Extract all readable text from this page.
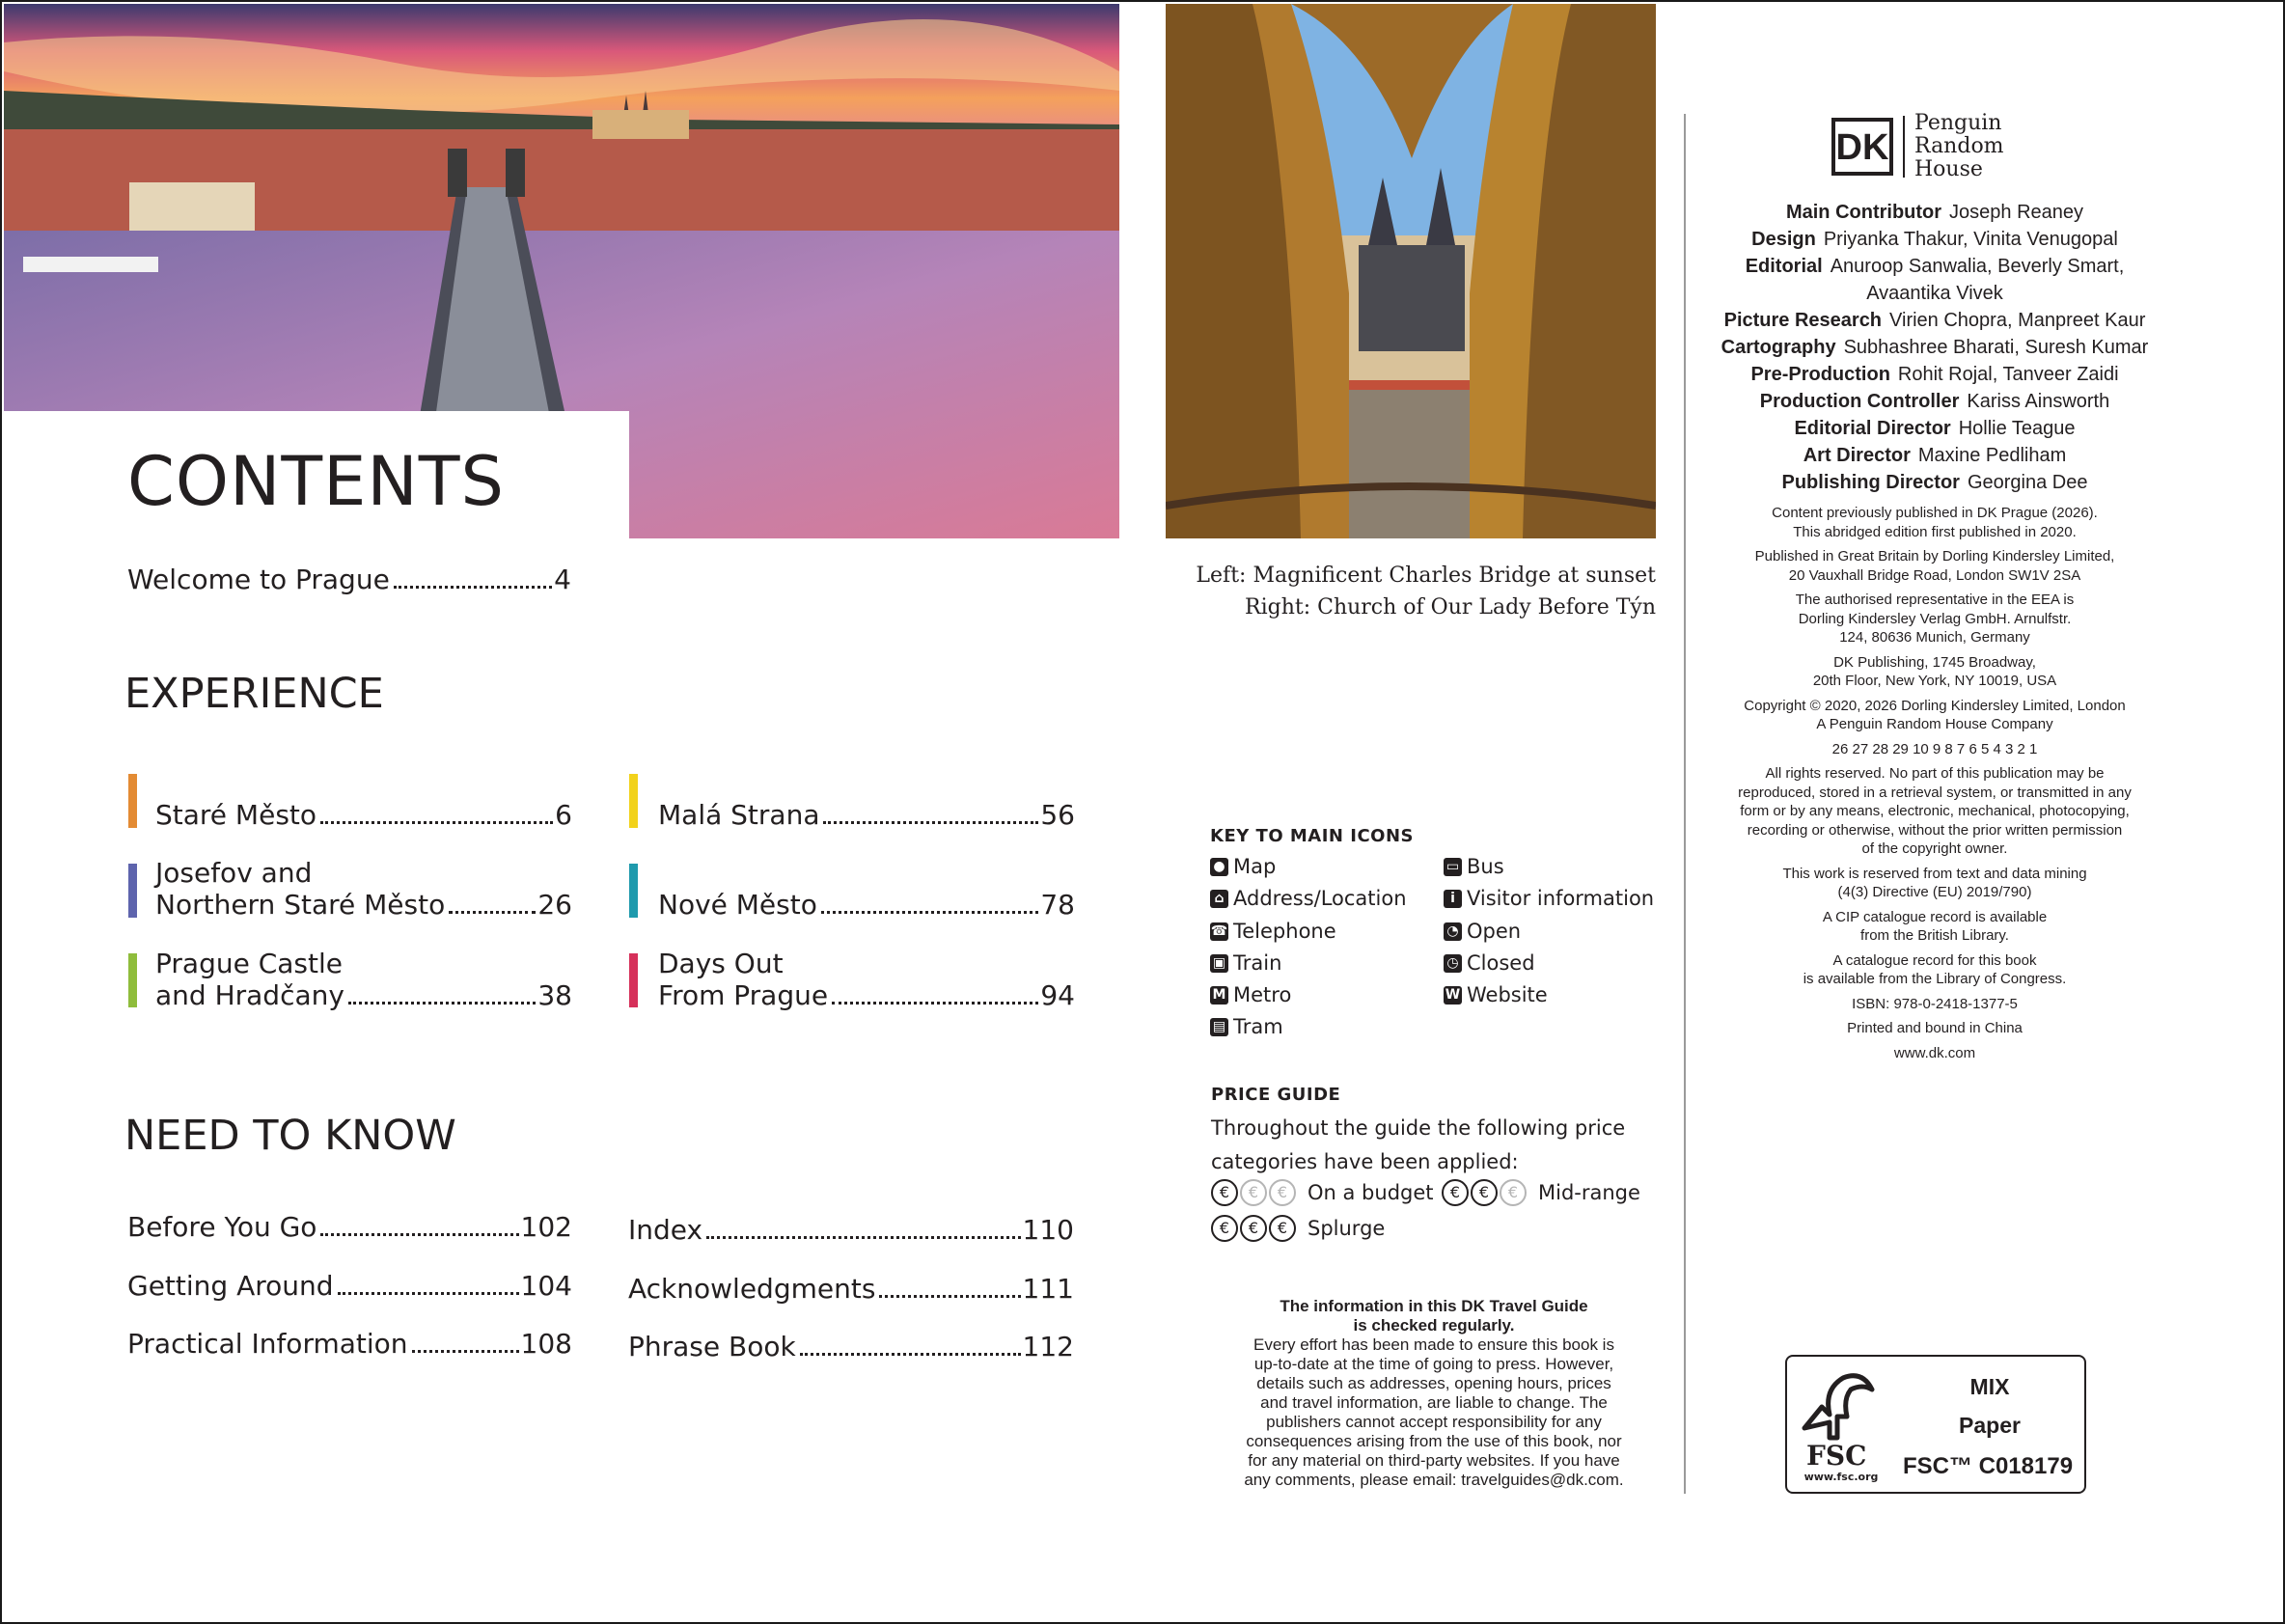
CONTENTS
Welcome to Prague	4
EXPERIENCE
Staré Město	6
Josefov and
Northern Staré Město	26
Prague Castle
and Hradčany	38
Malá Strana	56
Nové Město	78
Days Out
From Prague	94
NEED TO KNOW
Before You Go	102
Getting Around	104
Practical Information	108
Index	110
Acknowledgments	111
Phrase Book	112
Left: Magnificent Charles Bridge at sunset
Right: Church of Our Lady Before Týn
KEY TO MAIN ICONS
● Map
⌂ Address/Location
☎ Telephone
▣ Train
M Metro
▤ Tram
▭ Bus
i Visitor information
◔ Open
◷ Closed
W Website
PRICE GUIDE
Throughout the guide the following price
categories have been applied:
€	€	€ On a budget	€	€	€ Mid-range
€	€	€ Splurge
The information in this DK Travel Guide
is checked regularly.
Every effort has been made to ensure this book is
up-to-date at the time of going to press. However,
details such as addresses, opening hours, prices
and travel information, are liable to change. The
publishers cannot accept responsibility for any
consequences arising from the use of this book, nor
for any material on third-party websites. If you have
any comments, please email: travelguides@dk.com.
DK
Penguin
Random
House
Main Contributor Joseph Reaney
Design Priyanka Thakur, Vinita Venugopal
Editorial Anuroop Sanwalia, Beverly Smart,
Avaantika Vivek
Picture Research Virien Chopra, Manpreet Kaur
Cartography Subhashree Bharati, Suresh Kumar
Pre-Production Rohit Rojal, Tanveer Zaidi
Production Controller Kariss Ainsworth
Editorial Director Hollie Teague
Art Director Maxine Pedliham
Publishing Director Georgina Dee
Content previously published in DK Prague (2026).
This abridged edition first published in 2020.
Published in Great Britain by Dorling Kindersley Limited,
20 Vauxhall Bridge Road, London SW1V 2SA
The authorised representative in the EEA is
Dorling Kindersley Verlag GmbH. Arnulfstr.
124, 80636 Munich, Germany
DK Publishing, 1745 Broadway,
20th Floor, New York, NY 10019, USA
Copyright © 2020, 2026 Dorling Kindersley Limited, London
A Penguin Random House Company
26 27 28 29 10 9 8 7 6 5 4 3 2 1
All rights reserved. No part of this publication may be
reproduced, stored in a retrieval system, or transmitted in any
form or by any means, electronic, mechanical, photocopying,
recording or otherwise, without the prior written permission
of the copyright owner.
This work is reserved from text and data mining
(4(3) Directive (EU) 2019/790)
A CIP catalogue record is available
from the British Library.
A catalogue record for this book
is available from the Library of Congress.
ISBN: 978-0-2418-1377-5
Printed and bound in China
www.dk.com
FSC
www.fsc.org
MIX
Paper
FSC™ C018179
